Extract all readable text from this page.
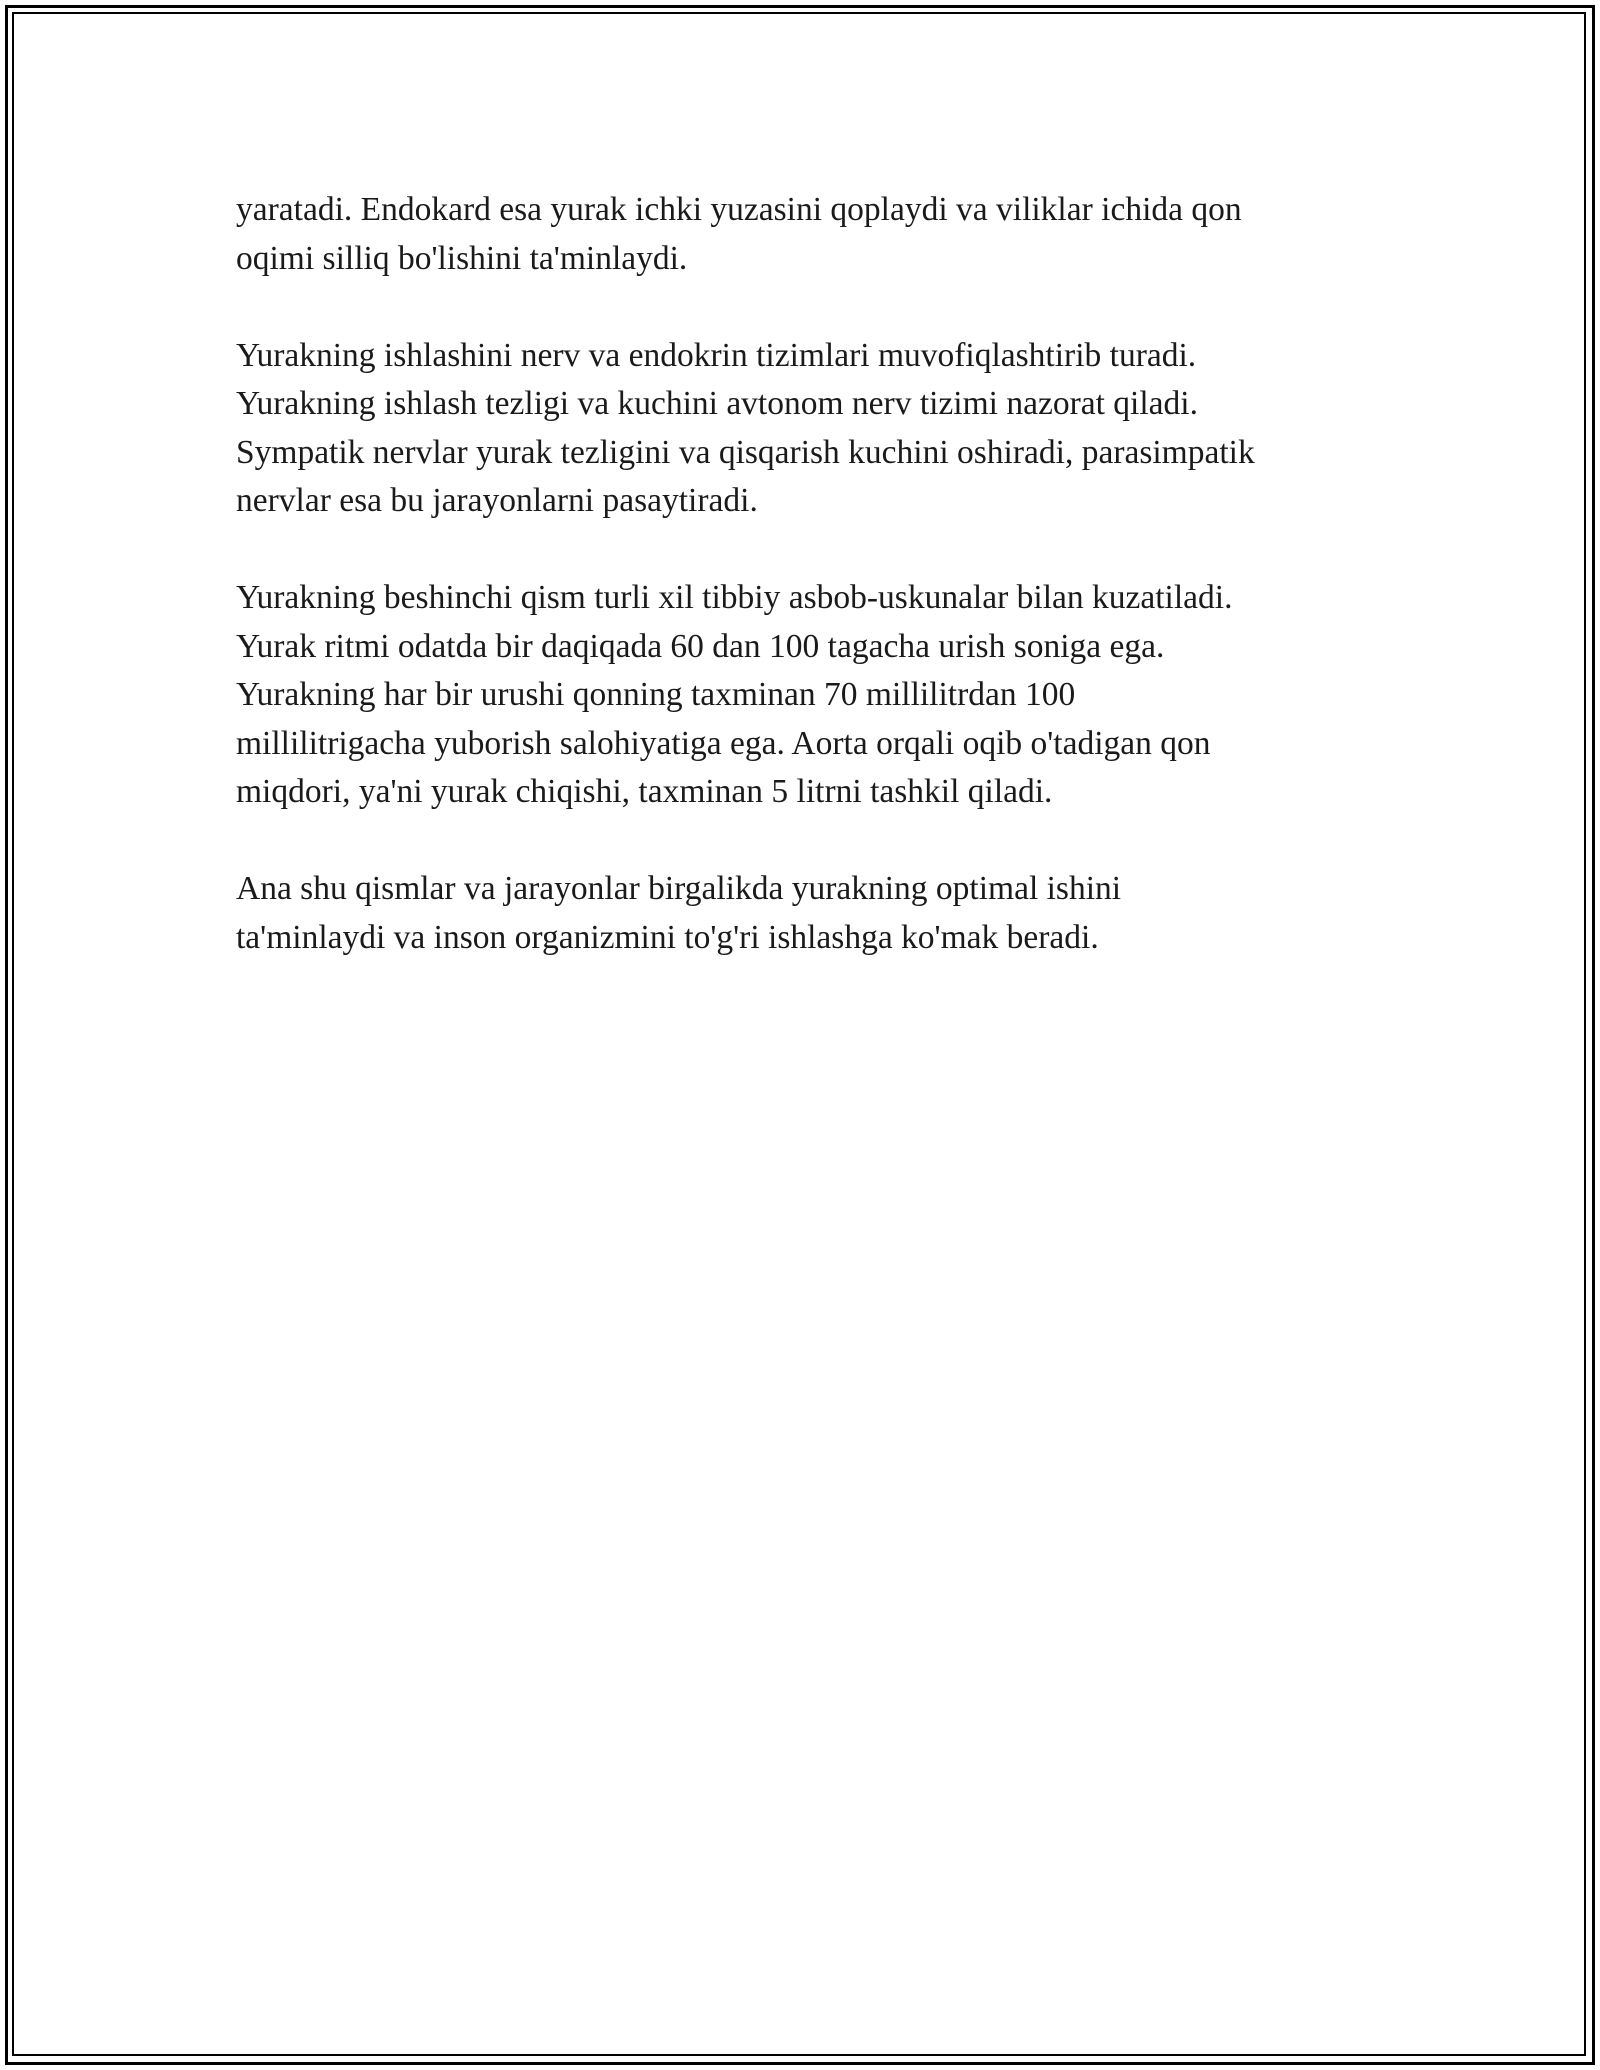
yaratadi. Endokard esa yurak ichki yuzasini qoplaydi va viliklar ichida qon
oqimi silliq bo'lishini ta'minlaydi.

Yurakning ishlashini nerv va endokrin tizimlari muvofiqlashtirib turadi.
Yurakning ishlash tezligi va kuchini avtonom nerv tizimi nazorat qiladi.
Sympatik nervlar yurak tezligini va qisqarish kuchini oshiradi, parasimpatik
nervlar esa bu jarayonlarni pasaytiradi.

Yurakning beshinchi qism turli xil tibbiy asbob-uskunalar bilan kuzatiladi.
Yurak ritmi odatda bir daqiqada 60 dan 100 tagacha urish soniga ega.
Yurakning har bir urushi qonning taxminan 70 millilitrdan 100
millilitrigacha yuborish salohiyatiga ega. Aorta orqali oqib o'tadigan qon
miqdori, ya'ni yurak chiqishi, taxminan 5 litrni tashkil qiladi.

Ana shu qismlar va jarayonlar birgalikda yurakning optimal ishini
ta'minlaydi va inson organizmini to'g'ri ishlashga ko'mak beradi.
